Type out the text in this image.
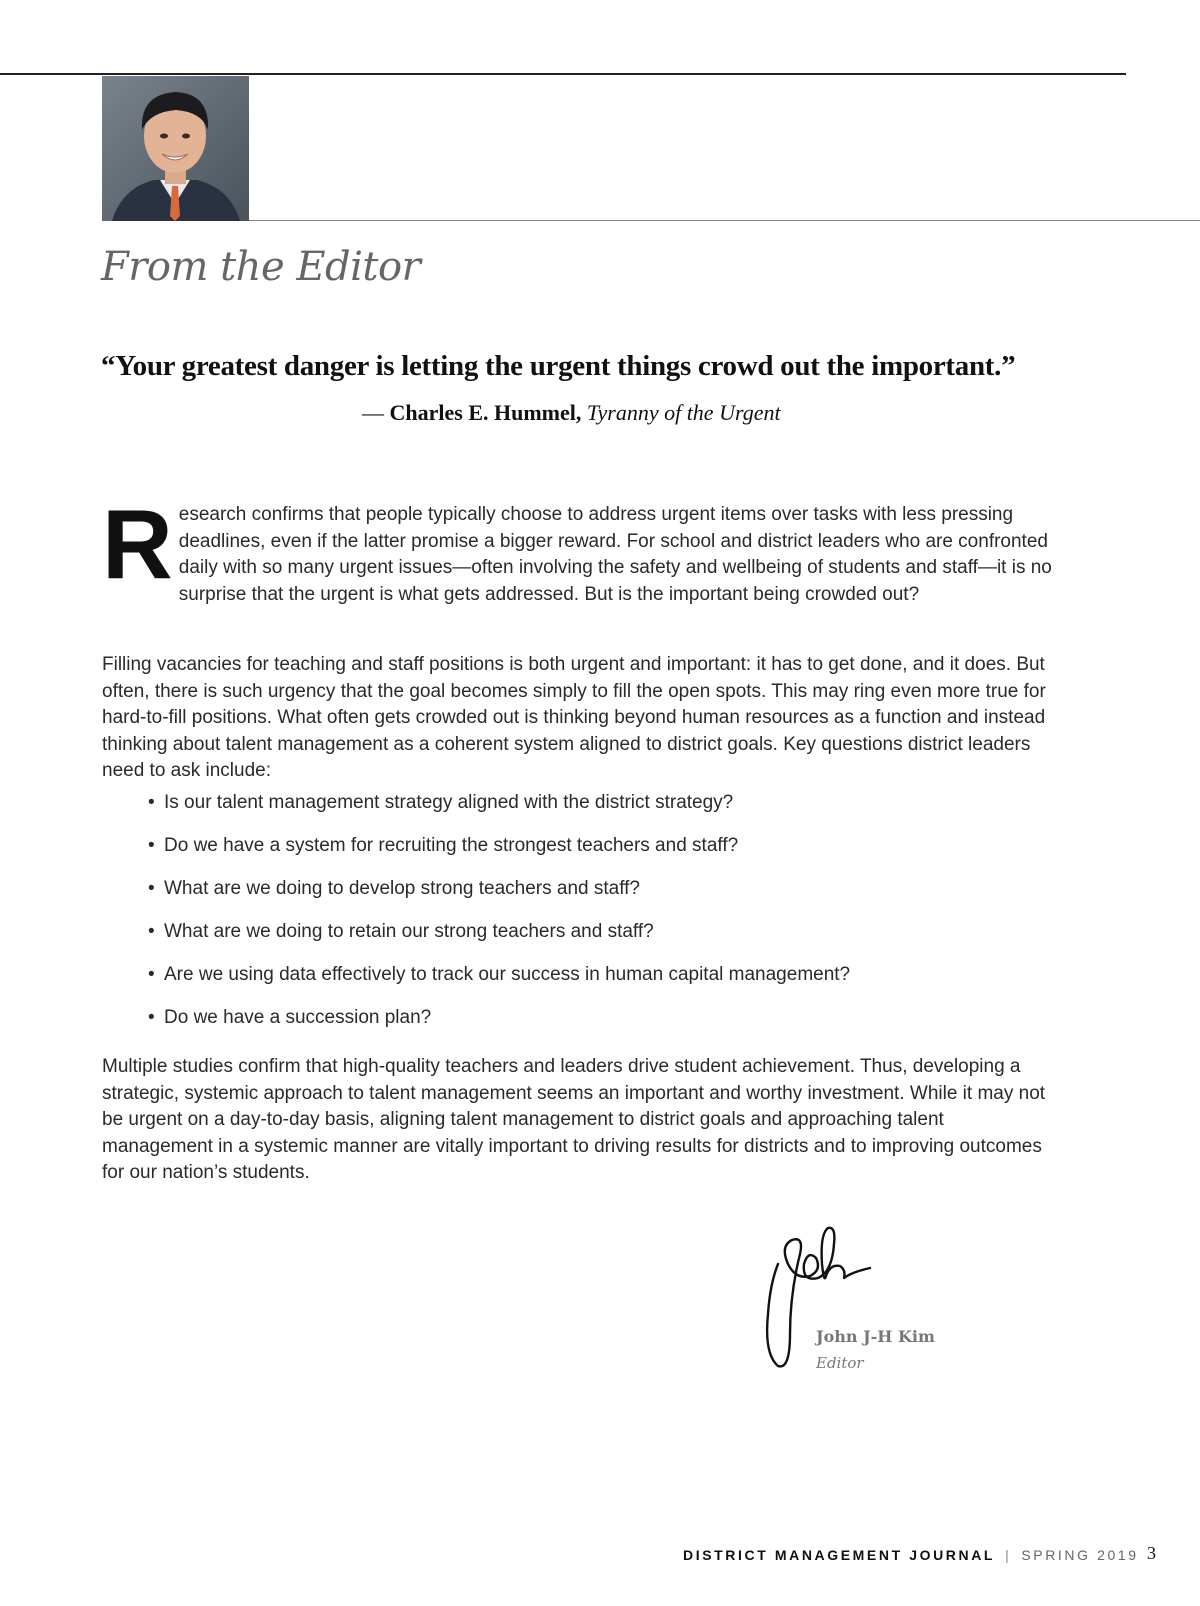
From the Editor
“Your greatest danger is letting the urgent things crowd out the important.”
— Charles E. Hummel, Tyranny of the Urgent
Research confirms that people typically choose to address urgent items over tasks with less pressing deadlines, even if the latter promise a bigger reward. For school and district leaders who are confronted daily with so many urgent issues—often involving the safety and wellbeing of students and staff—it is no surprise that the urgent is what gets addressed. But is the important being crowded out?
Filling vacancies for teaching and staff positions is both urgent and important: it has to get done, and it does. But often, there is such urgency that the goal becomes simply to fill the open spots. This may ring even more true for hard-to-fill positions. What often gets crowded out is thinking beyond human resources as a function and instead thinking about talent management as a coherent system aligned to district goals. Key questions district leaders need to ask include:
• Is our talent management strategy aligned with the district strategy?
• Do we have a system for recruiting the strongest teachers and staff?
• What are we doing to develop strong teachers and staff?
• What are we doing to retain our strong teachers and staff?
• Are we using data effectively to track our success in human capital management?
• Do we have a succession plan?
Multiple studies confirm that high-quality teachers and leaders drive student achievement. Thus, developing a strategic, systemic approach to talent management seems an important and worthy investment. While it may not be urgent on a day-to-day basis, aligning talent management to district goals and approaching talent management in a systemic manner are vitally important to driving results for districts and to improving outcomes for our nation’s students.
John J-H Kim
Editor
DISTRICT MANAGEMENT JOURNAL | SPRING 2019 3
